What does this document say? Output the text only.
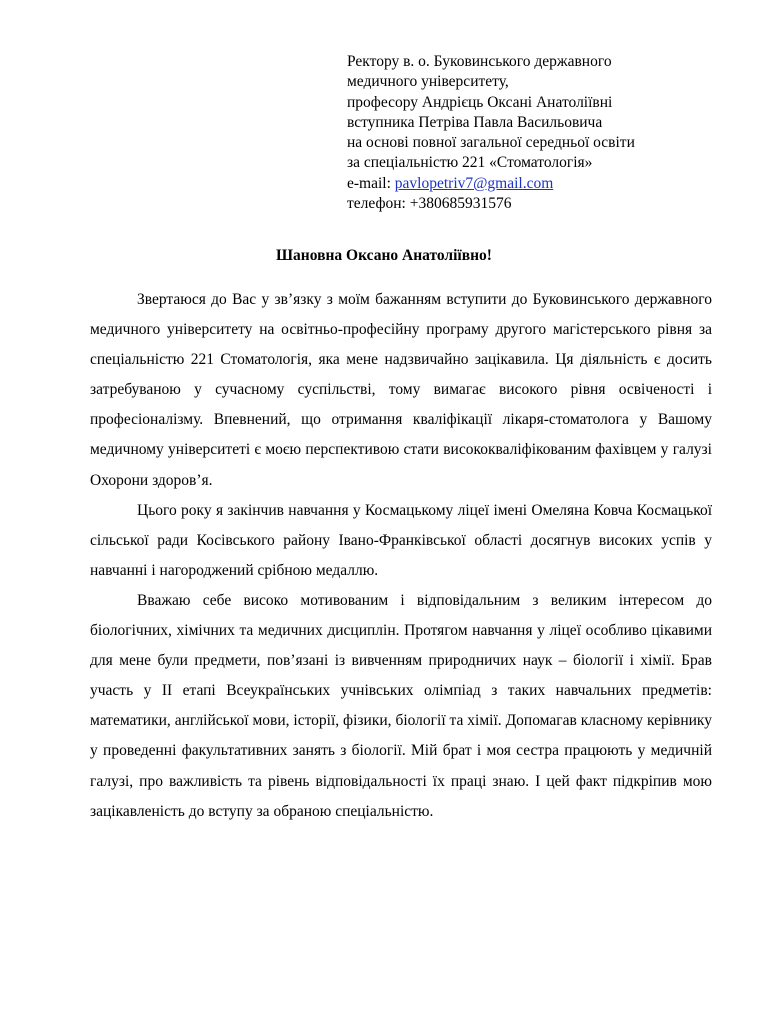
Ректору в. о. Буковинського державного
медичного університету,
професору Андрієць Оксані Анатоліївні
вступника Петріва Павла Васильовича
на основі повної загальної середньої освіти
за спеціальністю 221 «Стоматологія»
e-mail: pavlopetriv7@gmail.com
телефон: +380685931576
Шановна Оксано Анатоліївно!

Звертаюся до Вас у зв’язку з моїм бажанням вступити до Буковинського державного медичного університету на освітньо-професійну програму другого магістерського рівня за спеціальністю 221 Стоматологія, яка мене надзвичайно зацікавила. Ця діяльність є досить затребуваною у сучасному суспільстві, тому вимагає високого рівня освіченості і професіоналізму. Впевнений, що отримання кваліфікації лікаря-стоматолога у Вашому медичному університеті є моєю перспективою стати висококваліфікованим фахівцем у галузі Охорони здоров’я.

Цього року я закінчив навчання у Космацькому ліцеї імені Омеляна Ковча Космацької сільської ради Косівського району Івано-Франківської області досягнув високих успів у навчанні і нагороджений срібною медаллю.

Вважаю себе високо мотивованим і відповідальним з великим інтересом до біологічних, хімічних та медичних дисциплін. Протягом навчання у ліцеї особливо цікавими для мене були предмети, пов’язані із вивченням природничих наук – біології і хімії. Брав участь у ІІ етапі Всеукраїнських учнівських олімпіад з таких навчальних предметів: математики, англійської мови, історії, фізики, біології та хімії. Допомагав класному керівнику у проведенні факультативних занять з біології. Мій брат і моя сестра працюють у медичній галузі, про важливість та рівень відповідальності їх праці знаю. І цей факт підкріпив мою зацікавленість до вступу за обраною спеціальністю.
